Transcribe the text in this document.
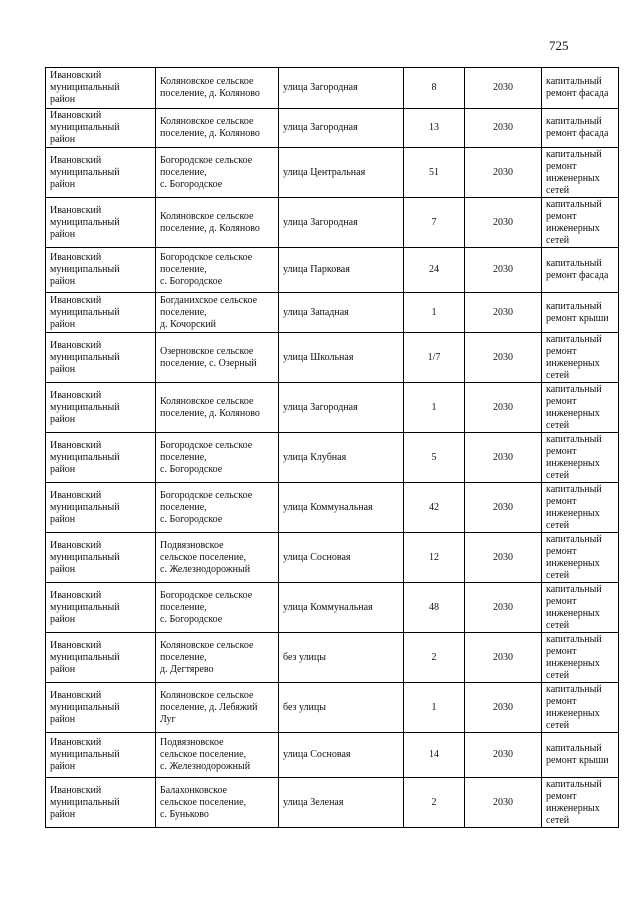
725
Ивановский
муниципальный
район	Коляновское сельское
поселение, д. Коляново	улица Загородная	8	2030	капитальный
ремонт фасада
Ивановский
муниципальный
район	Коляновское сельское
поселение, д. Коляново	улица Загородная	13	2030	капитальный
ремонт фасада
Ивановский
муниципальный
район	Богородское сельское
поселение,
с. Богородское	улица Центральная	51	2030	капитальный
ремонт
инженерных
сетей
Ивановский
муниципальный
район	Коляновское сельское
поселение, д. Коляново	улица Загородная	7	2030	капитальный
ремонт
инженерных
сетей
Ивановский
муниципальный
район	Богородское сельское
поселение,
с. Богородское	улица Парковая	24	2030	капитальный
ремонт фасада
Ивановский
муниципальный
район	Богданихское сельское
поселение,
д. Кочорский	улица Западная	1	2030	капитальный
ремонт крыши
Ивановский
муниципальный
район	Озерновское сельское
поселение, с. Озерный	улица Школьная	1/7	2030	капитальный
ремонт
инженерных
сетей
Ивановский
муниципальный
район	Коляновское сельское
поселение, д. Коляново	улица Загородная	1	2030	капитальный
ремонт
инженерных
сетей
Ивановский
муниципальный
район	Богородское сельское
поселение,
с. Богородское	улица Клубная	5	2030	капитальный
ремонт
инженерных
сетей
Ивановский
муниципальный
район	Богородское сельское
поселение,
с. Богородское	улица Коммунальная	42	2030	капитальный
ремонт
инженерных
сетей
Ивановский
муниципальный
район	Подвязновское
сельское поселение,
с. Железнодорожный	улица Сосновая	12	2030	капитальный
ремонт
инженерных
сетей
Ивановский
муниципальный
район	Богородское сельское
поселение,
с. Богородское	улица Коммунальная	48	2030	капитальный
ремонт
инженерных
сетей
Ивановский
муниципальный
район	Коляновское сельское
поселение,
д. Дегтярево	без улицы	2	2030	капитальный
ремонт
инженерных
сетей
Ивановский
муниципальный
район	Коляновское сельское
поселение, д. Лебяжий
Луг	без улицы	1	2030	капитальный
ремонт
инженерных
сетей
Ивановский
муниципальный
район	Подвязновское
сельское поселение,
с. Железнодорожный	улица Сосновая	14	2030	капитальный
ремонт крыши
Ивановский
муниципальный
район	Балахонковское
сельское поселение,
с. Буньково	улица Зеленая	2	2030	капитальный
ремонт
инженерных
сетей
